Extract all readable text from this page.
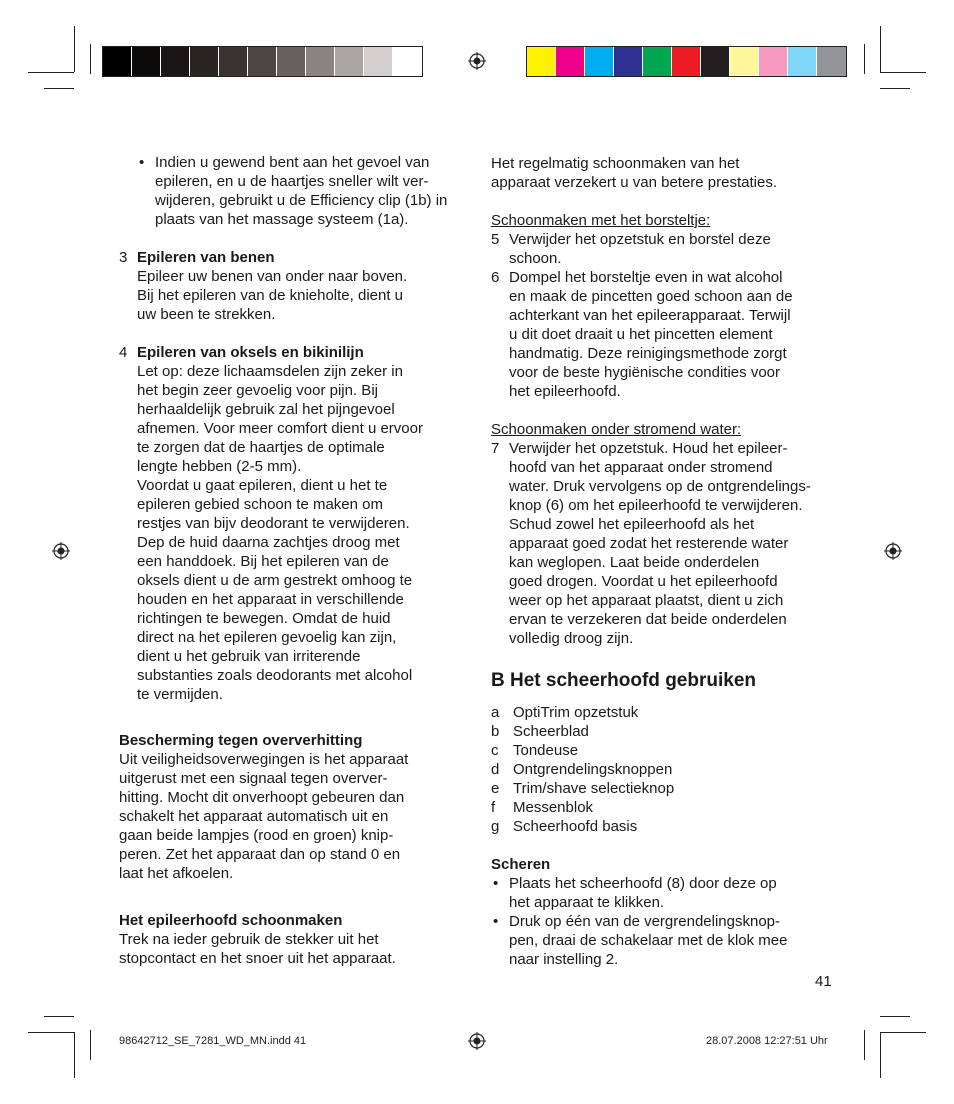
• Indien u gewend bent aan het gevoel van epileren, en u de haartjes sneller wilt ver-wijderen, gebruikt u de Efficiency clip (1b) in plaats van het massage systeem (1a).
3 Epileren van benen
Epileer uw benen van onder naar boven.
Bij het epileren van de knieholte, dient u
uw been te strekken.
4 Epileren van oksels en bikinilijn
Let op: deze lichaamsdelen zijn zeker in
het begin zeer gevoelig voor pijn. Bij
herhaaldelijk gebruik zal het pijngevoel
afnemen. Voor meer comfort dient u ervoor
te zorgen dat de haartjes de optimale
lengte hebben (2-5 mm).
Voordat u gaat epileren, dient u het te
epileren gebied schoon te maken om
restjes van bijv deodorant te verwijderen.
Dep de huid daarna zachtjes droog met
een handdoek. Bij het epileren van de
oksels dient u de arm gestrekt omhoog te
houden en het apparaat in verschillende
richtingen te bewegen. Omdat de huid
direct na het epileren gevoelig kan zijn,
dient u het gebruik van irriterende
substanties zoals deodorants met alcohol
te vermijden.
Bescherming tegen oververhitting
Uit veiligheidsoverwegingen is het apparaat
uitgerust met een signaal tegen overver-
hitting. Mocht dit onverhoopt gebeuren dan
schakelt het apparaat automatisch uit en
gaan beide lampjes (rood en groen) knip-
peren. Zet het apparaat dan op stand 0 en
laat het afkoelen.
Het epileerhoofd schoonmaken
Trek na ieder gebruik de stekker uit het
stopcontact en het snoer uit het apparaat.
Het regelmatig schoonmaken van het
apparaat verzekert u van betere prestaties.
Schoonmaken met het borsteltje:
5 Verwijder het opzetstuk en borstel deze
schoon.
6 Dompel het borsteltje even in wat alcohol
en maak de pincetten goed schoon aan de
achterkant van het epileerapparaat. Terwijl
u dit doet draait u het pincetten element
handmatig. Deze reinigingsmethode zorgt
voor de beste hygiënische condities voor
het epileerhoofd.
Schoonmaken onder stromend water:
7 Verwijder het opzetstuk. Houd het epileer-
hoofd van het apparaat onder stromend
water. Druk vervolgens op de ontgrendelings-
knop (6) om het epileerhoofd te verwijderen.
Schud zowel het epileerhoofd als het
apparaat goed zodat het resterende water
kan weglopen. Laat beide onderdelen
goed drogen. Voordat u het epileerhoofd
weer op het apparaat plaatst, dient u zich
ervan te verzekeren dat beide onderdelen
volledig droog zijn.
B Het scheerhoofd gebruiken
a OptiTrim opzetstuk
b Scheerblad
c Tondeuse
d Ontgrendelingsknoppen
e Trim/shave selectieknop
f Messenblok
g Scheerhoofd basis
Scheren
• Plaats het scheerhoofd (8) door deze op
het apparaat te klikken.
• Druk op één van de vergrendelingsknop-
pen, draai de schakelaar met de klok mee
naar instelling 2.
41
98642712_SE_7281_WD_MN.indd 41	28.07.2008 12:27:51 Uhr
